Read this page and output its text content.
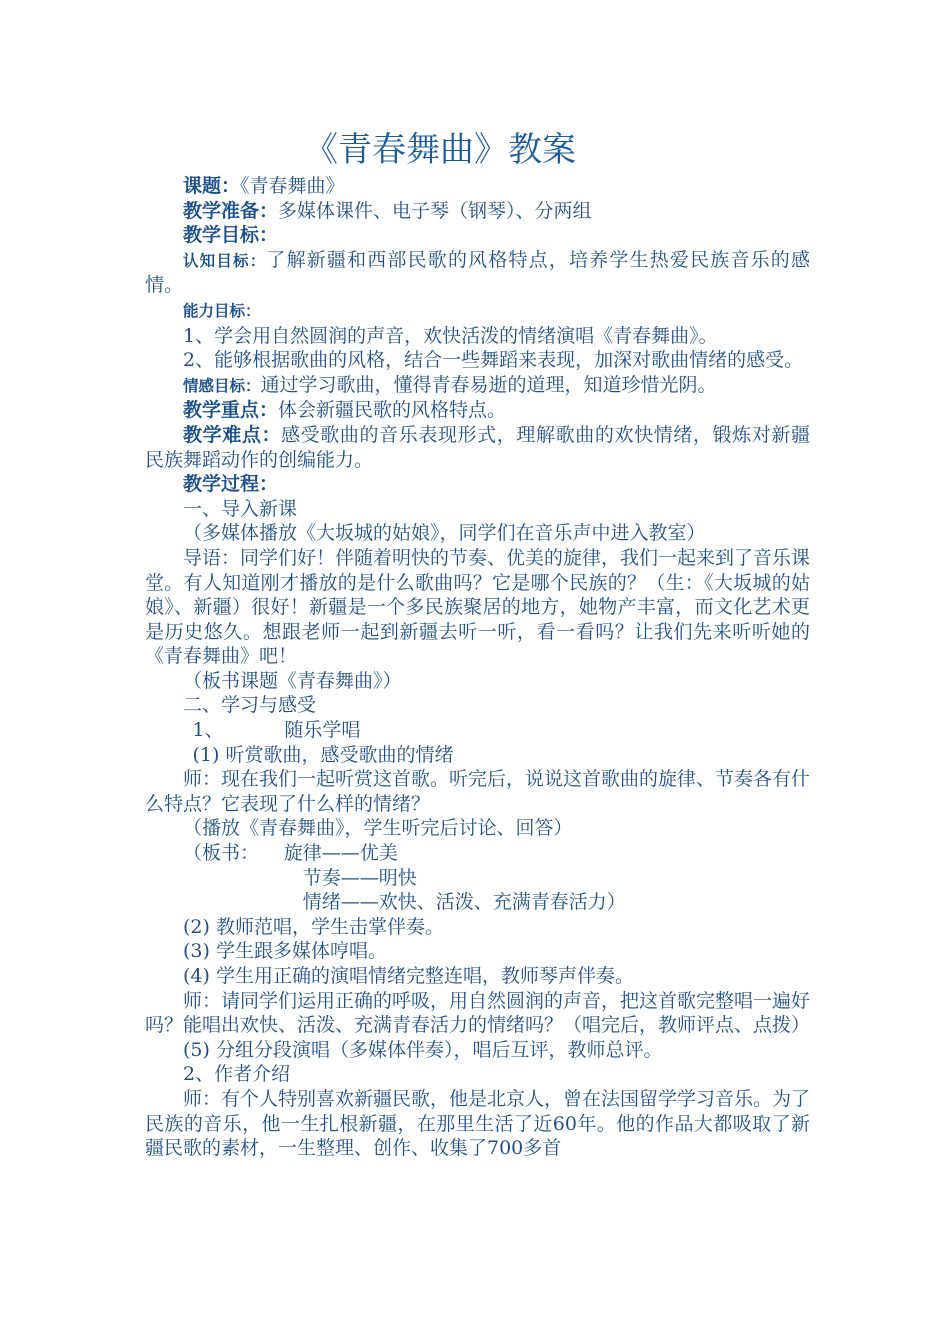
《青春舞曲》教案

课题：《青春舞曲》

教学准备：多媒体课件、电子琴（钢琴）、分两组

教学目标：

认知目标：了解新疆和西部民歌的风格特点，培养学生热爱民族音乐的感情。

能力目标：

1、学会用自然圆润的声音，欢快活泼的情绪演唱《青春舞曲》。

2、能够根据歌曲的风格，结合一些舞蹈来表现，加深对歌曲情绪的感受。

情感目标：通过学习歌曲，懂得青春易逝的道理，知道珍惜光阴。

教学重点：体会新疆民歌的风格特点。

教学难点：感受歌曲的音乐表现形式，理解歌曲的欢快情绪，锻炼对新疆民族舞蹈动作的创编能力。

教学过程：

一、导入新课

（多媒体播放《大坂城的姑娘》，同学们在音乐声中进入教室）

导语：同学们好！伴随着明快的节奏、优美的旋律，我们一起来到了音乐课堂。有人知道刚才播放的是什么歌曲吗？它是哪个民族的？（生：《大坂城的姑娘》、新疆）很好！新疆是一个多民族聚居的地方，她物产丰富，而文化艺术更是历史悠久。想跟老师一起到新疆去听一听，看一看吗？让我们先来听听她的《青春舞曲》吧！

（板书课题《青春舞曲》）

二、学习与感受

1、	随乐学唱

(1) 听赏歌曲，感受歌曲的情绪

师：现在我们一起听赏这首歌。听完后，说说这首歌曲的旋律、节奏各有什么特点？它表现了什么样的情绪？

（播放《青春舞曲》，学生听完后讨论、回答）

（板书： 旋律——优美

节奏——明快

情绪——欢快、活泼、充满青春活力）

(2) 教师范唱，学生击掌伴奏。

(3) 学生跟多媒体哼唱。

(4) 学生用正确的演唱情绪完整连唱，教师琴声伴奏。

师：请同学们运用正确的呼吸，用自然圆润的声音，把这首歌完整唱一遍好吗？能唱出欢快、活泼、充满青春活力的情绪吗？（唱完后，教师评点、点拨）

(5) 分组分段演唱（多媒体伴奏），唱后互评，教师总评。

2、作者介绍

师：有个人特别喜欢新疆民歌，他是北京人，曾在法国留学学习音乐。为了民族的音乐，他一生扎根新疆，在那里生活了近60年。他的作品大都吸取了新疆民歌的素材，一生整理、创作、收集了700多首
